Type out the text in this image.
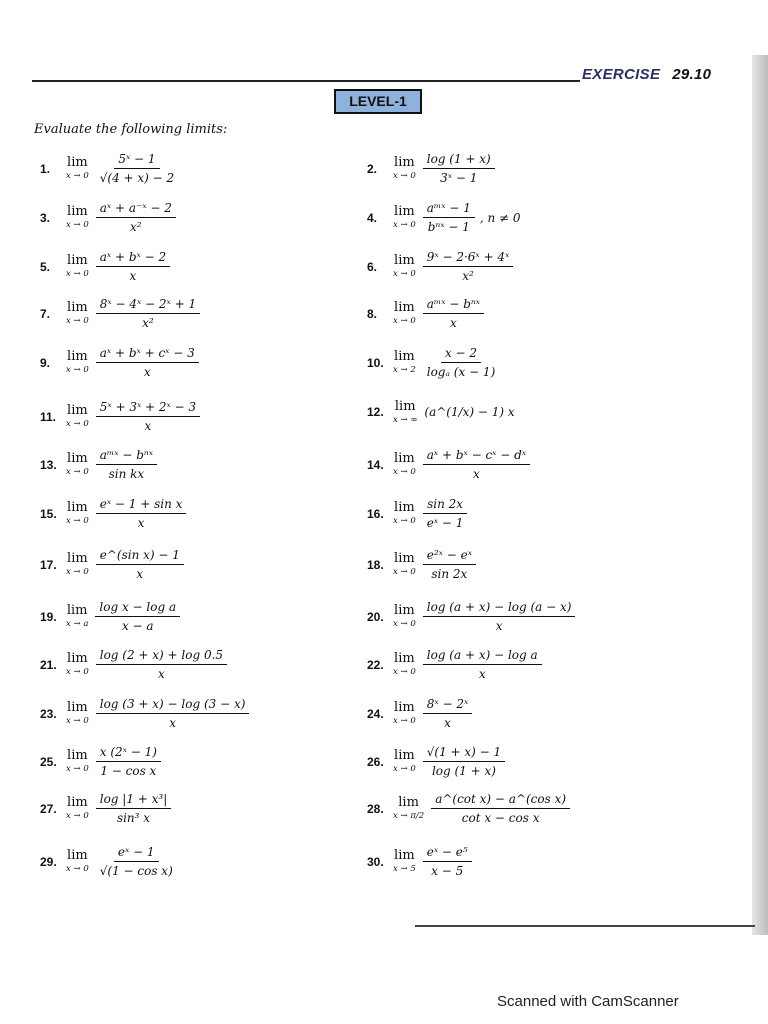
EXERCISE 29.10
LEVEL-1
Evaluate the following limits:
1.	lim
$x \to 0 \frac{\text{5ˣ − 1}}{√(4 + x) - 2}$	2.	lim
$x \to 0 \frac{\log (1 + x)}{\text{3ˣ − 1}}$
3.	lim
$x \to 0 \frac{\text{aˣ + a⁻ˣ − 2}}{\text{x²}}$	4.	lim
$x \to 0 \frac{\text{aᵐˣ − 1}}{\text{bⁿˣ − 1}}$ , n ≠ 0
5.	lim
$x \to 0 \frac{\text{aˣ + bˣ − 2}}{x}$	6.	lim
$x \to 0 \frac{\text{9ˣ − 2·6ˣ + 4ˣ}}{\text{x²}}$
7.	lim
$x \to 0 \frac{\text{8ˣ − 4ˣ − 2ˣ + 1}}{\text{x²}}$	8.	lim
$x \to 0 \frac{\text{aᵐˣ − bⁿˣ}}{x}$
9.	lim
$x \to 0 \frac{\text{aˣ + bˣ + cˣ − 3}}{x}$	10. lim
$x \to 2 \frac{x - 2}{\text{logₐ (x − 1)}}$
11. lim
$x \to 0 \frac{\text{5ˣ + 3ˣ + 2ˣ − 3}}{x}$	12. lim
x → ∞
(a^(1/x) − 1) x
13. lim
$x \to 0 \frac{\text{aᵐˣ − bⁿˣ}}{\text{sin kx}}$	14. lim
$x \to 0 \frac{\text{aˣ + bˣ − cˣ − dˣ}}{x}$
15. lim
$x \to 0 \frac{\text{eˣ − 1 + sin x}}{x}$	16. lim
$x \to 0 \frac{\sin 2x}{\text{eˣ − 1}}$
17. lim
$x \to 0 \frac{\text{e\textasciicircum{}(sin x) − 1}}{x}$	18. lim
$x \to 0 \frac{\text{e²ˣ − eˣ}}{\sin 2x}$
19. lim
x → a $\frac{\text{log x − log a}}{x - a}$	20. lim
$x \to 0 \frac{\log (a + x) - \log (a - x)}{x}$
21. lim
$x \to 0 \frac{\log (2 + x) + \log 0.5}{x}$	22. lim
$x \to 0 \frac{\text{log (a + x) − log a}}{x}$
23. lim
$x \to 0 \frac{\log (3 + x) - \log (3 - x)}{x}$	24. lim
$x \to 0 \frac{\text{8ˣ − 2ˣ}}{x}$
25. lim
$x \to 0 \frac{\text{x (2ˣ − 1)}}{\text{1 − cos x}}$	26. lim
$x \to 0 \frac{√(1 + x) - 1}{\log (1 + x)}$
27. lim
$x \to 0 \frac{\text{log |1 + x³|}}{\text{sin³ x}}$	28.	lim
$x \to \pi/2 \frac{\text{a\textasciicircum{}(cot x) − a\textasciicircum{}(cos x)}}{\text{cot x − cos x}}$
29. lim
$x \to 0 \frac{\text{eˣ − 1}}{\text{√(1 − cos x)}}$	30. lim
$x \to 5 \frac{\text{eˣ − e⁵}}{x - 5}$
Scanned with CamScanner
